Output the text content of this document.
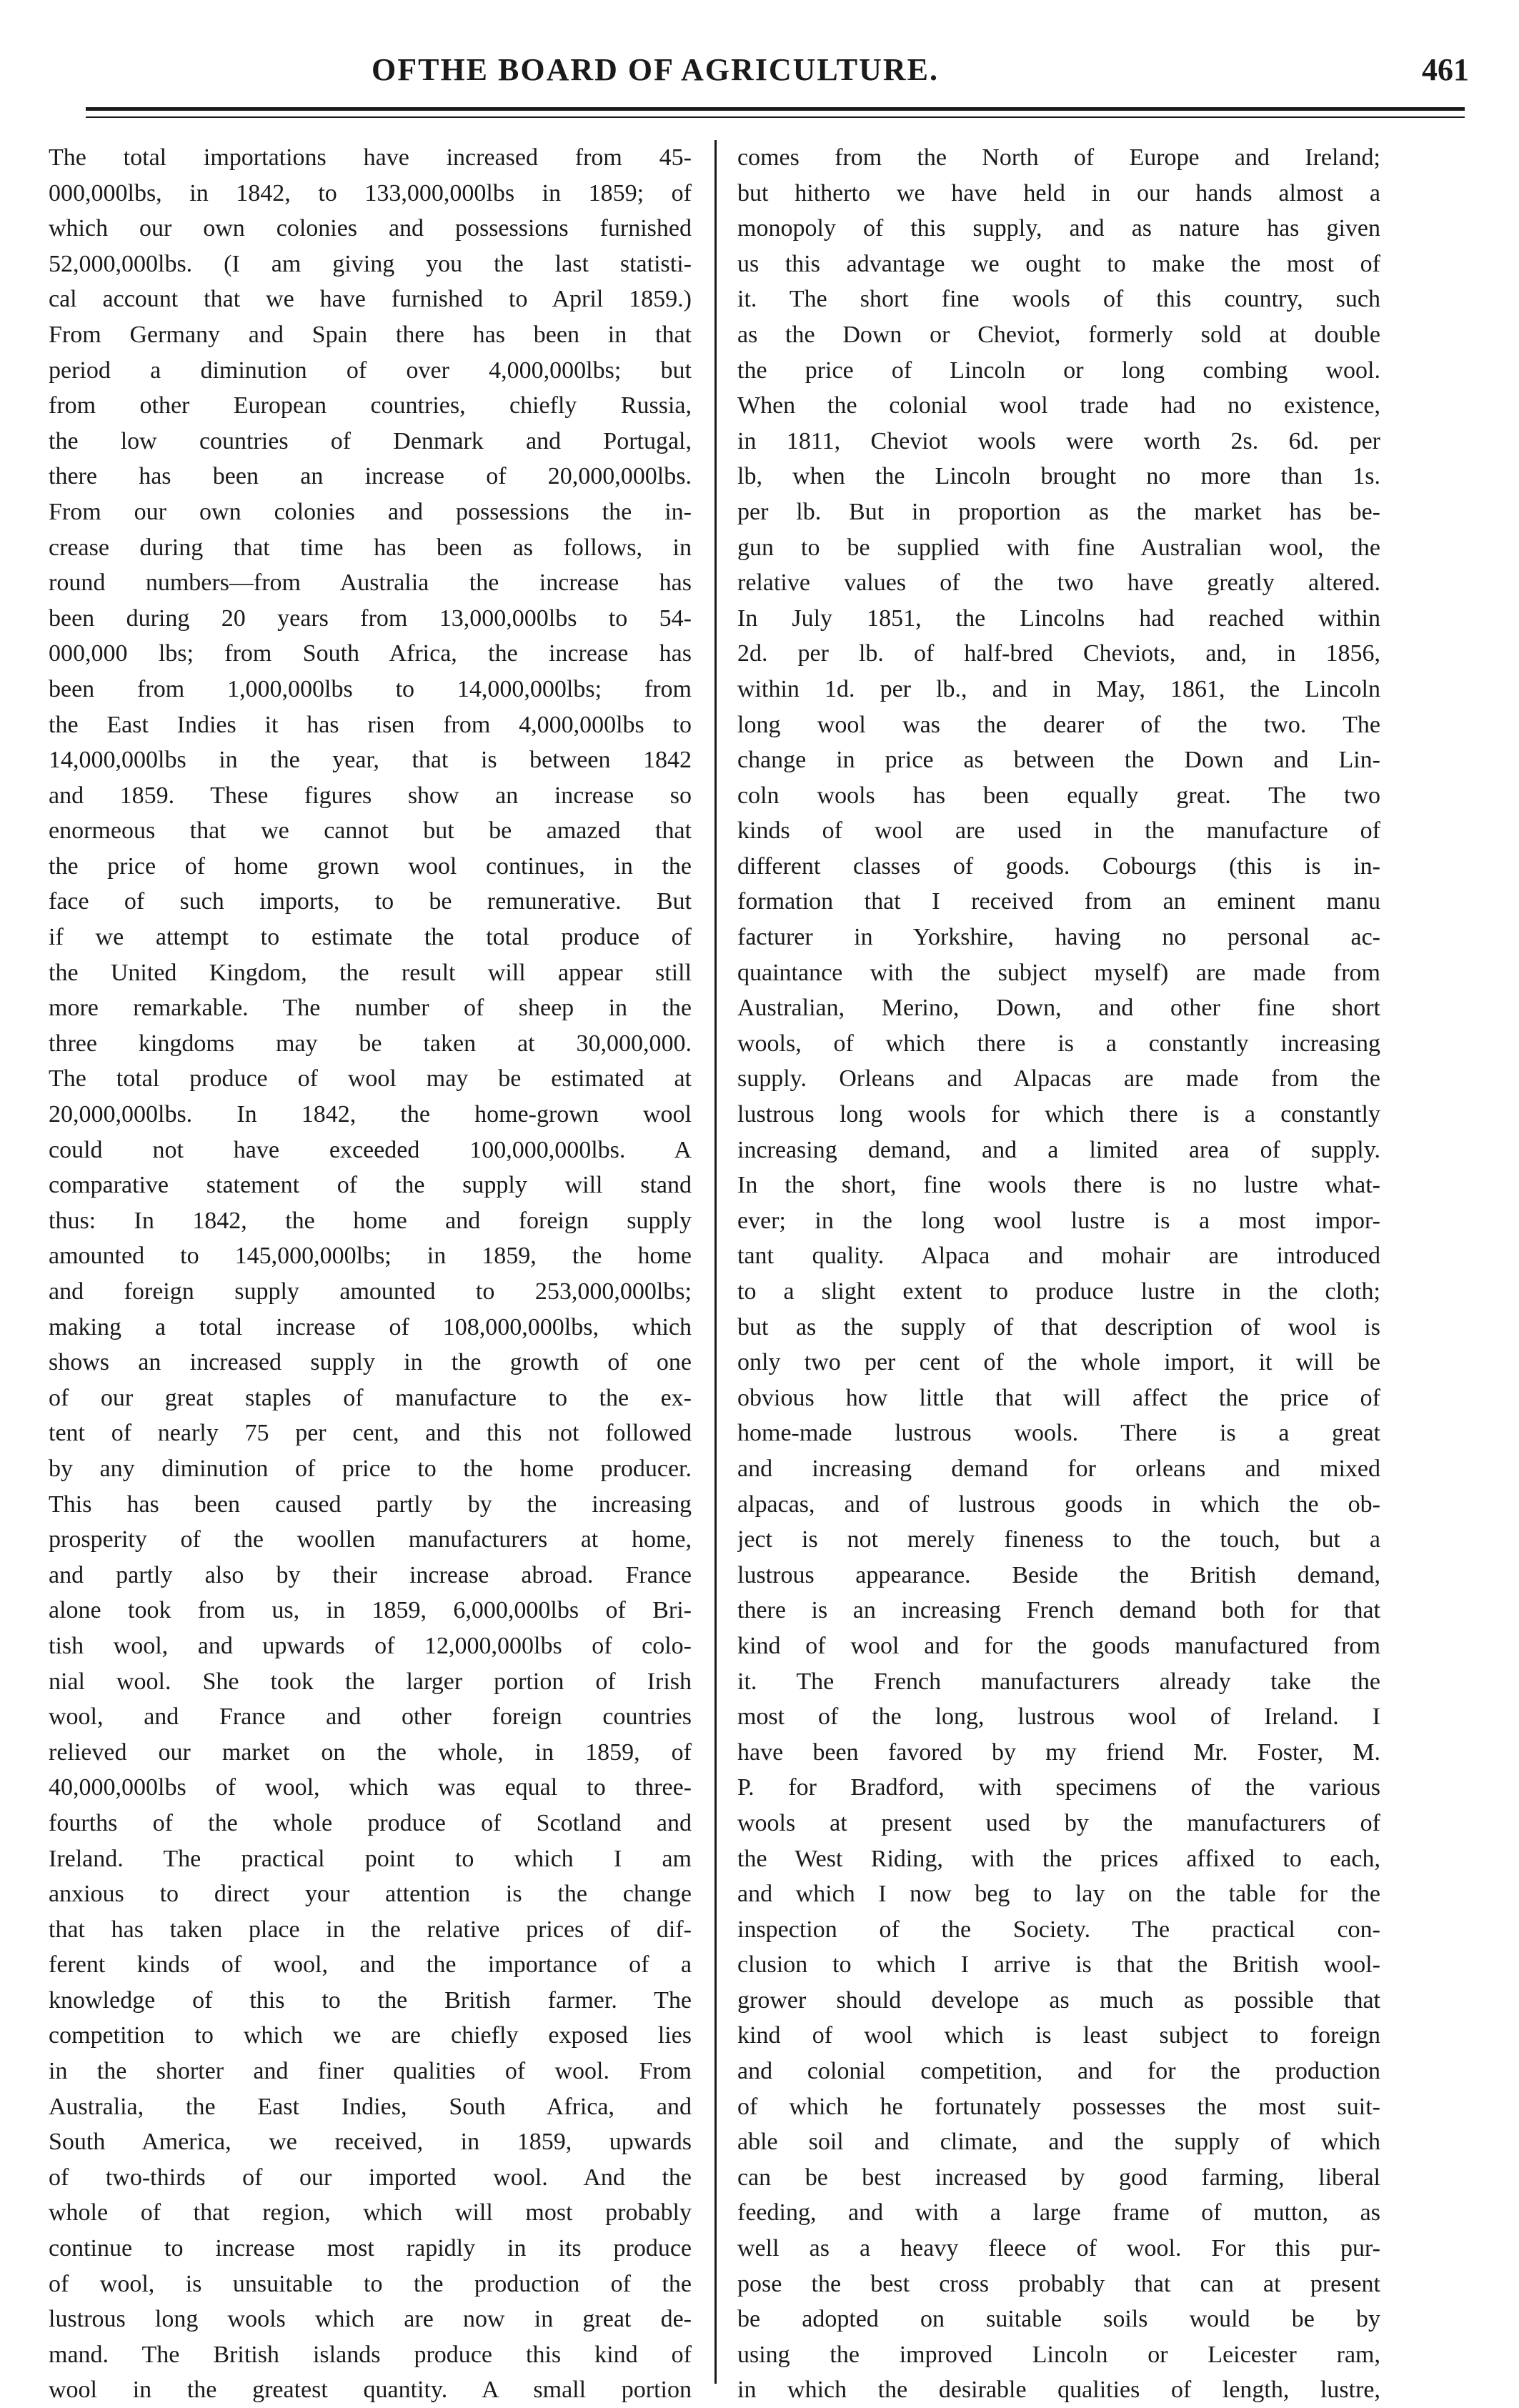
OFTHE BOARD OF AGRICULTURE.	461
The total importations have increased from 45-
000,000lbs, in 1842, to 133,000,000lbs in 1859; of
which our own colonies and possessions furnished
52,000,000lbs. (I am giving you the last statisti-
cal account that we have furnished to April 1859.)
From Germany and Spain there has been in that
period a diminution of over 4,000,000lbs; but
from other European countries, chiefly Russia,
the low countries of Denmark and Portugal,
there has been an increase of 20,000,000lbs.
From our own colonies and possessions the in-
crease during that time has been as follows, in
round numbers—from Australia the increase has
been during 20 years from 13,000,000lbs to 54-
000,000 lbs; from South Africa, the increase has
been from 1,000,000lbs to 14,000,000lbs; from
the East Indies it has risen from 4,000,000lbs to
14,000,000lbs in the year, that is between 1842
and 1859. These figures show an increase so
enormeous that we cannot but be amazed that
the price of home grown wool continues, in the
face of such imports, to be remunerative. But
if we attempt to estimate the total produce of
the United Kingdom, the result will appear still
more remarkable. The number of sheep in the
three kingdoms may be taken at 30,000,000.
The total produce of wool may be estimated at
20,000,000lbs. In 1842, the home-grown wool
could not have exceeded 100,000,000lbs. A
comparative statement of the supply will stand
thus: In 1842, the home and foreign supply
amounted to 145,000,000lbs; in 1859, the home
and foreign supply amounted to 253,000,000lbs;
making a total increase of 108,000,000lbs, which
shows an increased supply in the growth of one
of our great staples of manufacture to the ex-
tent of nearly 75 per cent, and this not followed
by any diminution of price to the home producer.
This has been caused partly by the increasing
prosperity of the woollen manufacturers at home,
and partly also by their increase abroad. France
alone took from us, in 1859, 6,000,000lbs of Bri-
tish wool, and upwards of 12,000,000lbs of colo-
nial wool. She took the larger portion of Irish
wool, and France and other foreign countries
relieved our market on the whole, in 1859, of
40,000,000lbs of wool, which was equal to three-
fourths of the whole produce of Scotland and
Ireland. The practical point to which I am
anxious to direct your attention is the change
that has taken place in the relative prices of dif-
ferent kinds of wool, and the importance of a
knowledge of this to the British farmer. The
competition to which we are chiefly exposed lies
in the shorter and finer qualities of wool. From
Australia, the East Indies, South Africa, and
South America, we received, in 1859, upwards
of two-thirds of our imported wool. And the
whole of that region, which will most probably
continue to increase most rapidly in its produce
of wool, is unsuitable to the production of the
lustrous long wools which are now in great de-
mand. The British islands produce this kind of
wool in the greatest quantity. A small portion
comes from the North of Europe and Ireland;
but hitherto we have held in our hands almost a
monopoly of this supply, and as nature has given
us this advantage we ought to make the most of
it. The short fine wools of this country, such
as the Down or Cheviot, formerly sold at double
the price of Lincoln or long combing wool.
When the colonial wool trade had no existence,
in 1811, Cheviot wools were worth 2s. 6d. per
lb, when the Lincoln brought no more than 1s.
per lb. But in proportion as the market has be-
gun to be supplied with fine Australian wool, the
relative values of the two have greatly altered.
In July 1851, the Lincolns had reached within
2d. per lb. of half-bred Cheviots, and, in 1856,
within 1d. per lb., and in May, 1861, the Lincoln
long wool was the dearer of the two. The
change in price as between the Down and Lin-
coln wools has been equally great. The two
kinds of wool are used in the manufacture of
different classes of goods. Cobourgs (this is in-
formation that I received from an eminent manu
facturer in Yorkshire, having no personal ac-
quaintance with the subject myself) are made from
Australian, Merino, Down, and other fine short
wools, of which there is a constantly increasing
supply. Orleans and Alpacas are made from the
lustrous long wools for which there is a constantly
increasing demand, and a limited area of supply.
In the short, fine wools there is no lustre what-
ever; in the long wool lustre is a most impor-
tant quality. Alpaca and mohair are introduced
to a slight extent to produce lustre in the cloth;
but as the supply of that description of wool is
only two per cent of the whole import, it will be
obvious how little that will affect the price of
home-made lustrous wools. There is a great
and increasing demand for orleans and mixed
alpacas, and of lustrous goods in which the ob-
ject is not merely fineness to the touch, but a
lustrous appearance. Beside the British demand,
there is an increasing French demand both for that
kind of wool and for the goods manufactured from
it. The French manufacturers already take the
most of the long, lustrous wool of Ireland. I
have been favored by my friend Mr. Foster, M.
P. for Bradford, with specimens of the various
wools at present used by the manufacturers of
the West Riding, with the prices affixed to each,
and which I now beg to lay on the table for the
inspection of the Society. The practical con-
clusion to which I arrive is that the British wool-
grower should develope as much as possible that
kind of wool which is least subject to foreign
and colonial competition, and for the production
of which he fortunately possesses the most suit-
able soil and climate, and the supply of which
can be best increased by good farming, liberal
feeding, and with a large frame of mutton, as
well as a heavy fleece of wool. For this pur-
pose the best cross probably that can at present
be adopted on suitable soils would be by
using the improved Lincoln or Leicester ram,
in which the desirable qualities of length, lustre,
